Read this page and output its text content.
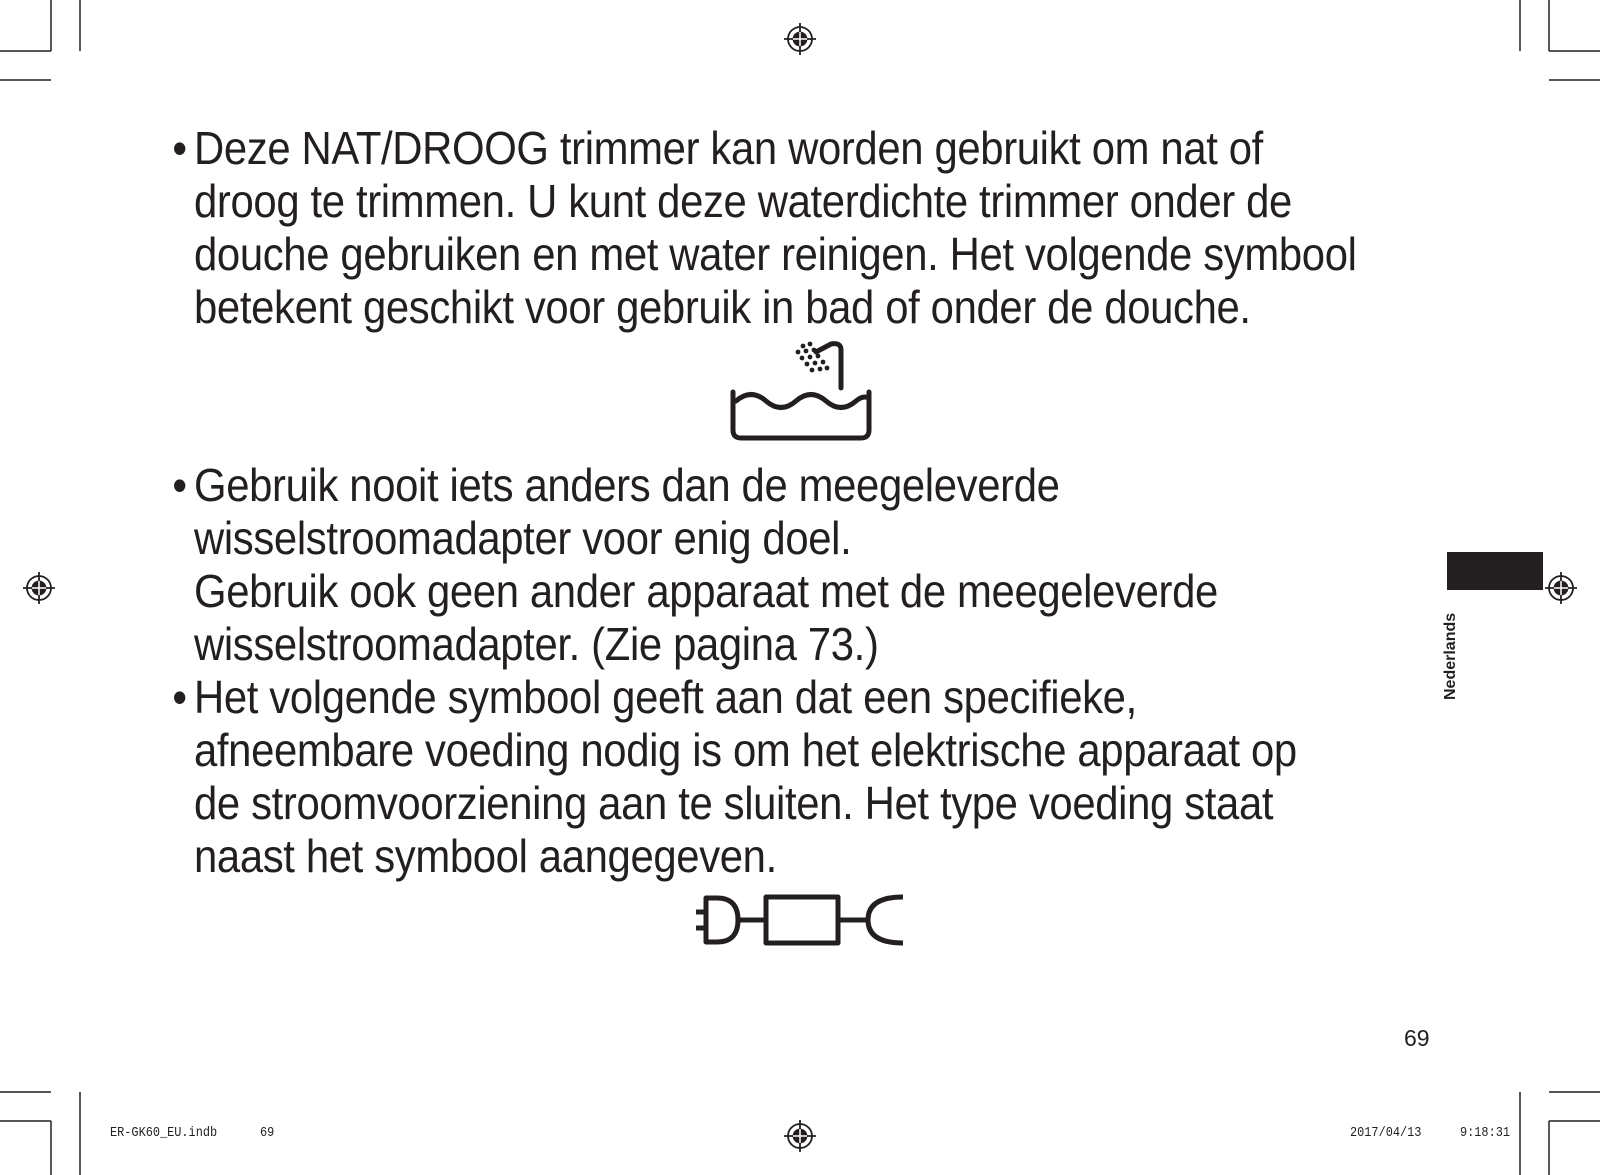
• Deze NAT/DROOG trimmer kan worden gebruikt om nat of
droog te trimmen. U kunt deze waterdichte trimmer onder de
douche gebruiken en met water reinigen. Het volgende symbool
betekent geschikt voor gebruik in bad of onder de douche.
• Gebruik nooit iets anders dan de meegeleverde
wisselstroomadapter voor enig doel.
Gebruik ook geen ander apparaat met de meegeleverde
wisselstroomadapter. (Zie pagina 73.)
• Het volgende symbool geeft aan dat een specifieke,
afneembare voeding nodig is om het elektrische apparaat op
de stroomvoorziening aan te sluiten. Het type voeding staat
naast het symbool aangegeven.
Nederlands
69
ER-GK60_EU.indb	69	2017/04/13	9:18:31
